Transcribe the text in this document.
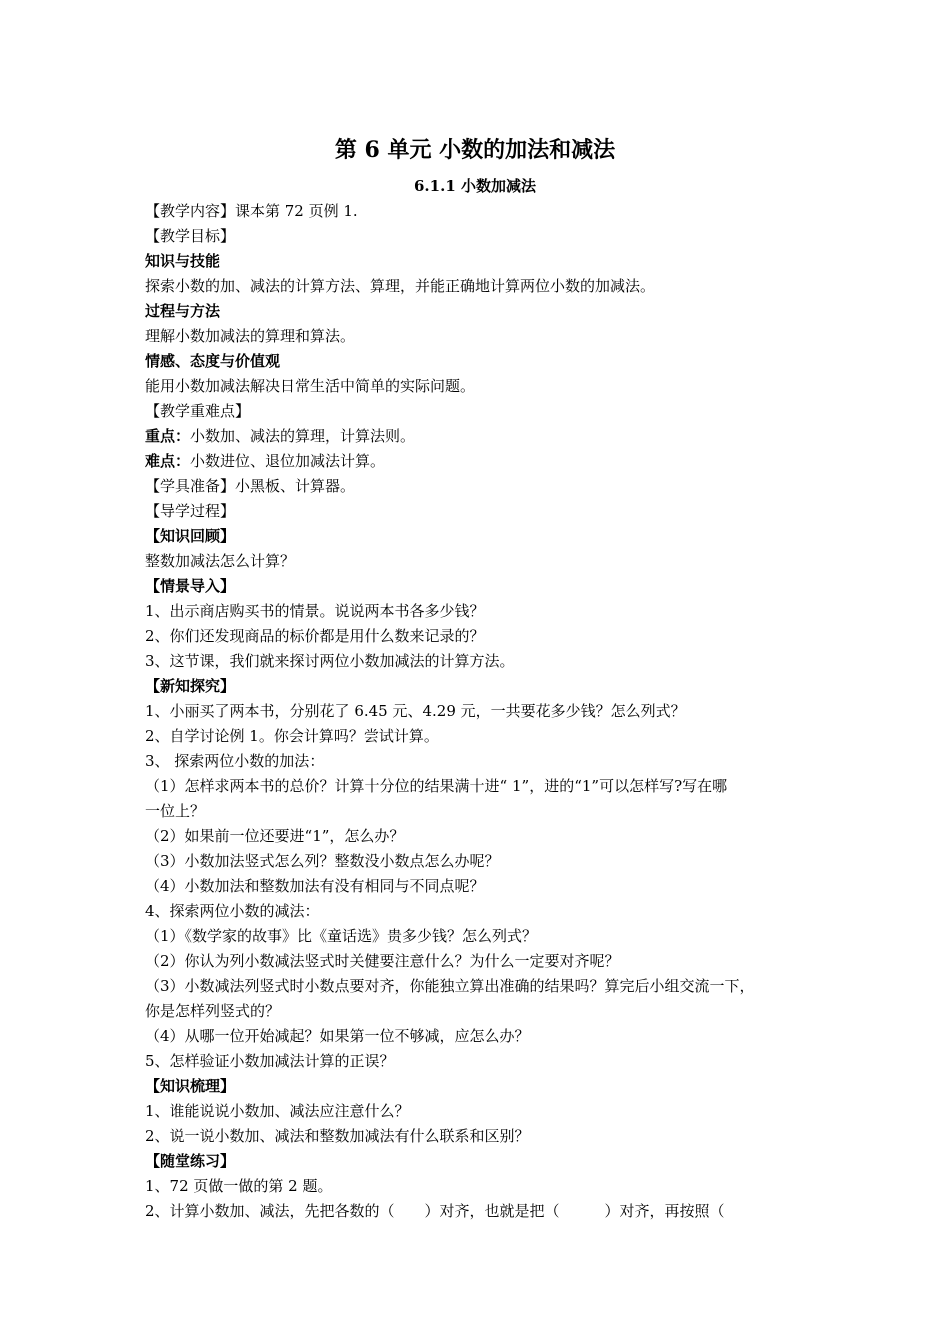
第 6 单元 小数的加法和减法
6.1.1 小数加减法
【教学内容】课本第 72 页例 1.
【教学目标】
知识与技能
探索小数的加、减法的计算方法、算理，并能正确地计算两位小数的加减法。
过程与方法
理解小数加减法的算理和算法。
情感、态度与价值观
能用小数加减法解决日常生活中简单的实际问题。
【教学重难点】
重点：小数加、减法的算理，计算法则。
难点：小数进位、退位加减法计算。
【学具准备】小黑板、计算器。
【导学过程】
【知识回顾】
整数加减法怎么计算？
【情景导入】
1、出示商店购买书的情景。说说两本书各多少钱？
2、你们还发现商品的标价都是用什么数来记录的？
3、这节课，我们就来探讨两位小数加减法的计算方法。
【新知探究】
1、小丽买了两本书，分别花了 6.45 元、4.29 元，一共要花多少钱？怎么列式？
2、自学讨论例 1。你会计算吗？尝试计算。
3、 探索两位小数的加法：
（1）怎样求两本书的总价？计算十分位的结果满十进“ 1”，进的“1”可以怎样写?写在哪
一位上？
（2）如果前一位还要进“1”，怎么办？
（3）小数加法竖式怎么列？整数没小数点怎么办呢？
（4）小数加法和整数加法有没有相同与不同点呢？
4、探索两位小数的减法：
（1）《数学家的故事》比《童话选》贵多少钱？怎么列式？
（2）你认为列小数减法竖式时关健要注意什么？为什么一定要对齐呢？
（3）小数减法列竖式时小数点要对齐，你能独立算出准确的结果吗？算完后小组交流一下，
你是怎样列竖式的？
（4）从哪一位开始减起？如果第一位不够减，应怎么办？
5、怎样验证小数加减法计算的正误？
【知识梳理】
1、谁能说说小数加、减法应注意什么？
2、说一说小数加、减法和整数加减法有什么联系和区别？
【随堂练习】
1、72 页做一做的第 2 题。
2、计算小数加、减法，先把各数的（　　）对齐，也就是把（　　　）对齐，再按照（
